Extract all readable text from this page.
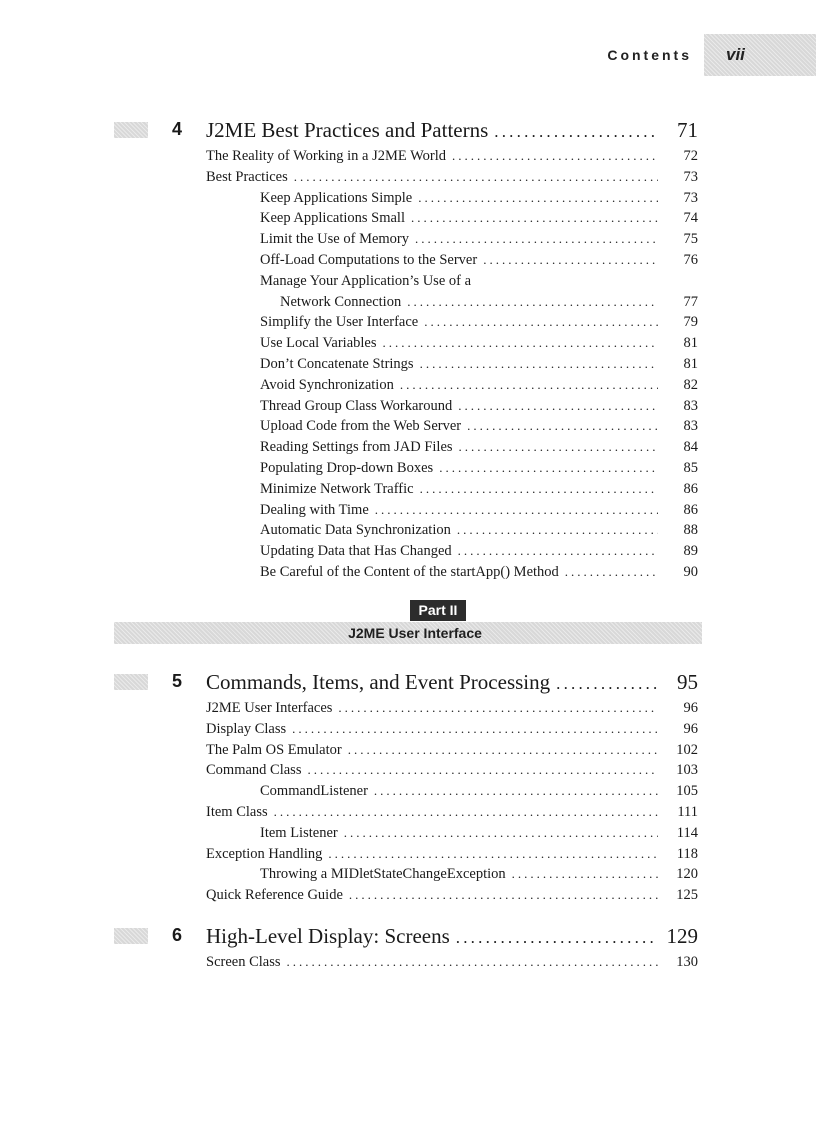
Contents	vii
4 J2ME Best Practices and Patterns .....	71
The Reality of Working in a J2ME World .....	72
Best Practices .....	73
Keep Applications Simple .....	73
Keep Applications Small .....	74
Limit the Use of Memory .....	75
Off-Load Computations to the Server .....	76
Manage Your Application’s Use of a
Network Connection .....	77
Simplify the User Interface .....	79
Use Local Variables .....	81
Don’t Concatenate Strings .....	81
Avoid Synchronization .....	82
Thread Group Class Workaround .....	83
Upload Code from the Web Server .....	83
Reading Settings from JAD Files .....	84
Populating Drop-down Boxes .....	85
Minimize Network Traffic .....	86
Dealing with Time .....	86
Automatic Data Synchronization .....	88
Updating Data that Has Changed .....	89
Be Careful of the Content of the startApp() Method .....	90
Part II
J2ME User Interface
5 Commands, Items, and Event Processing .....	95
J2ME User Interfaces .....	96
Display Class .....	96
The Palm OS Emulator .....	102
Command Class .....	103
CommandListener .....	105
Item Class .....	111
Item Listener .....	114
Exception Handling .....	118
Throwing a MIDletStateChangeException .....	120
Quick Reference Guide .....	125
6 High-Level Display: Screens .....	129
Screen Class .....	130
